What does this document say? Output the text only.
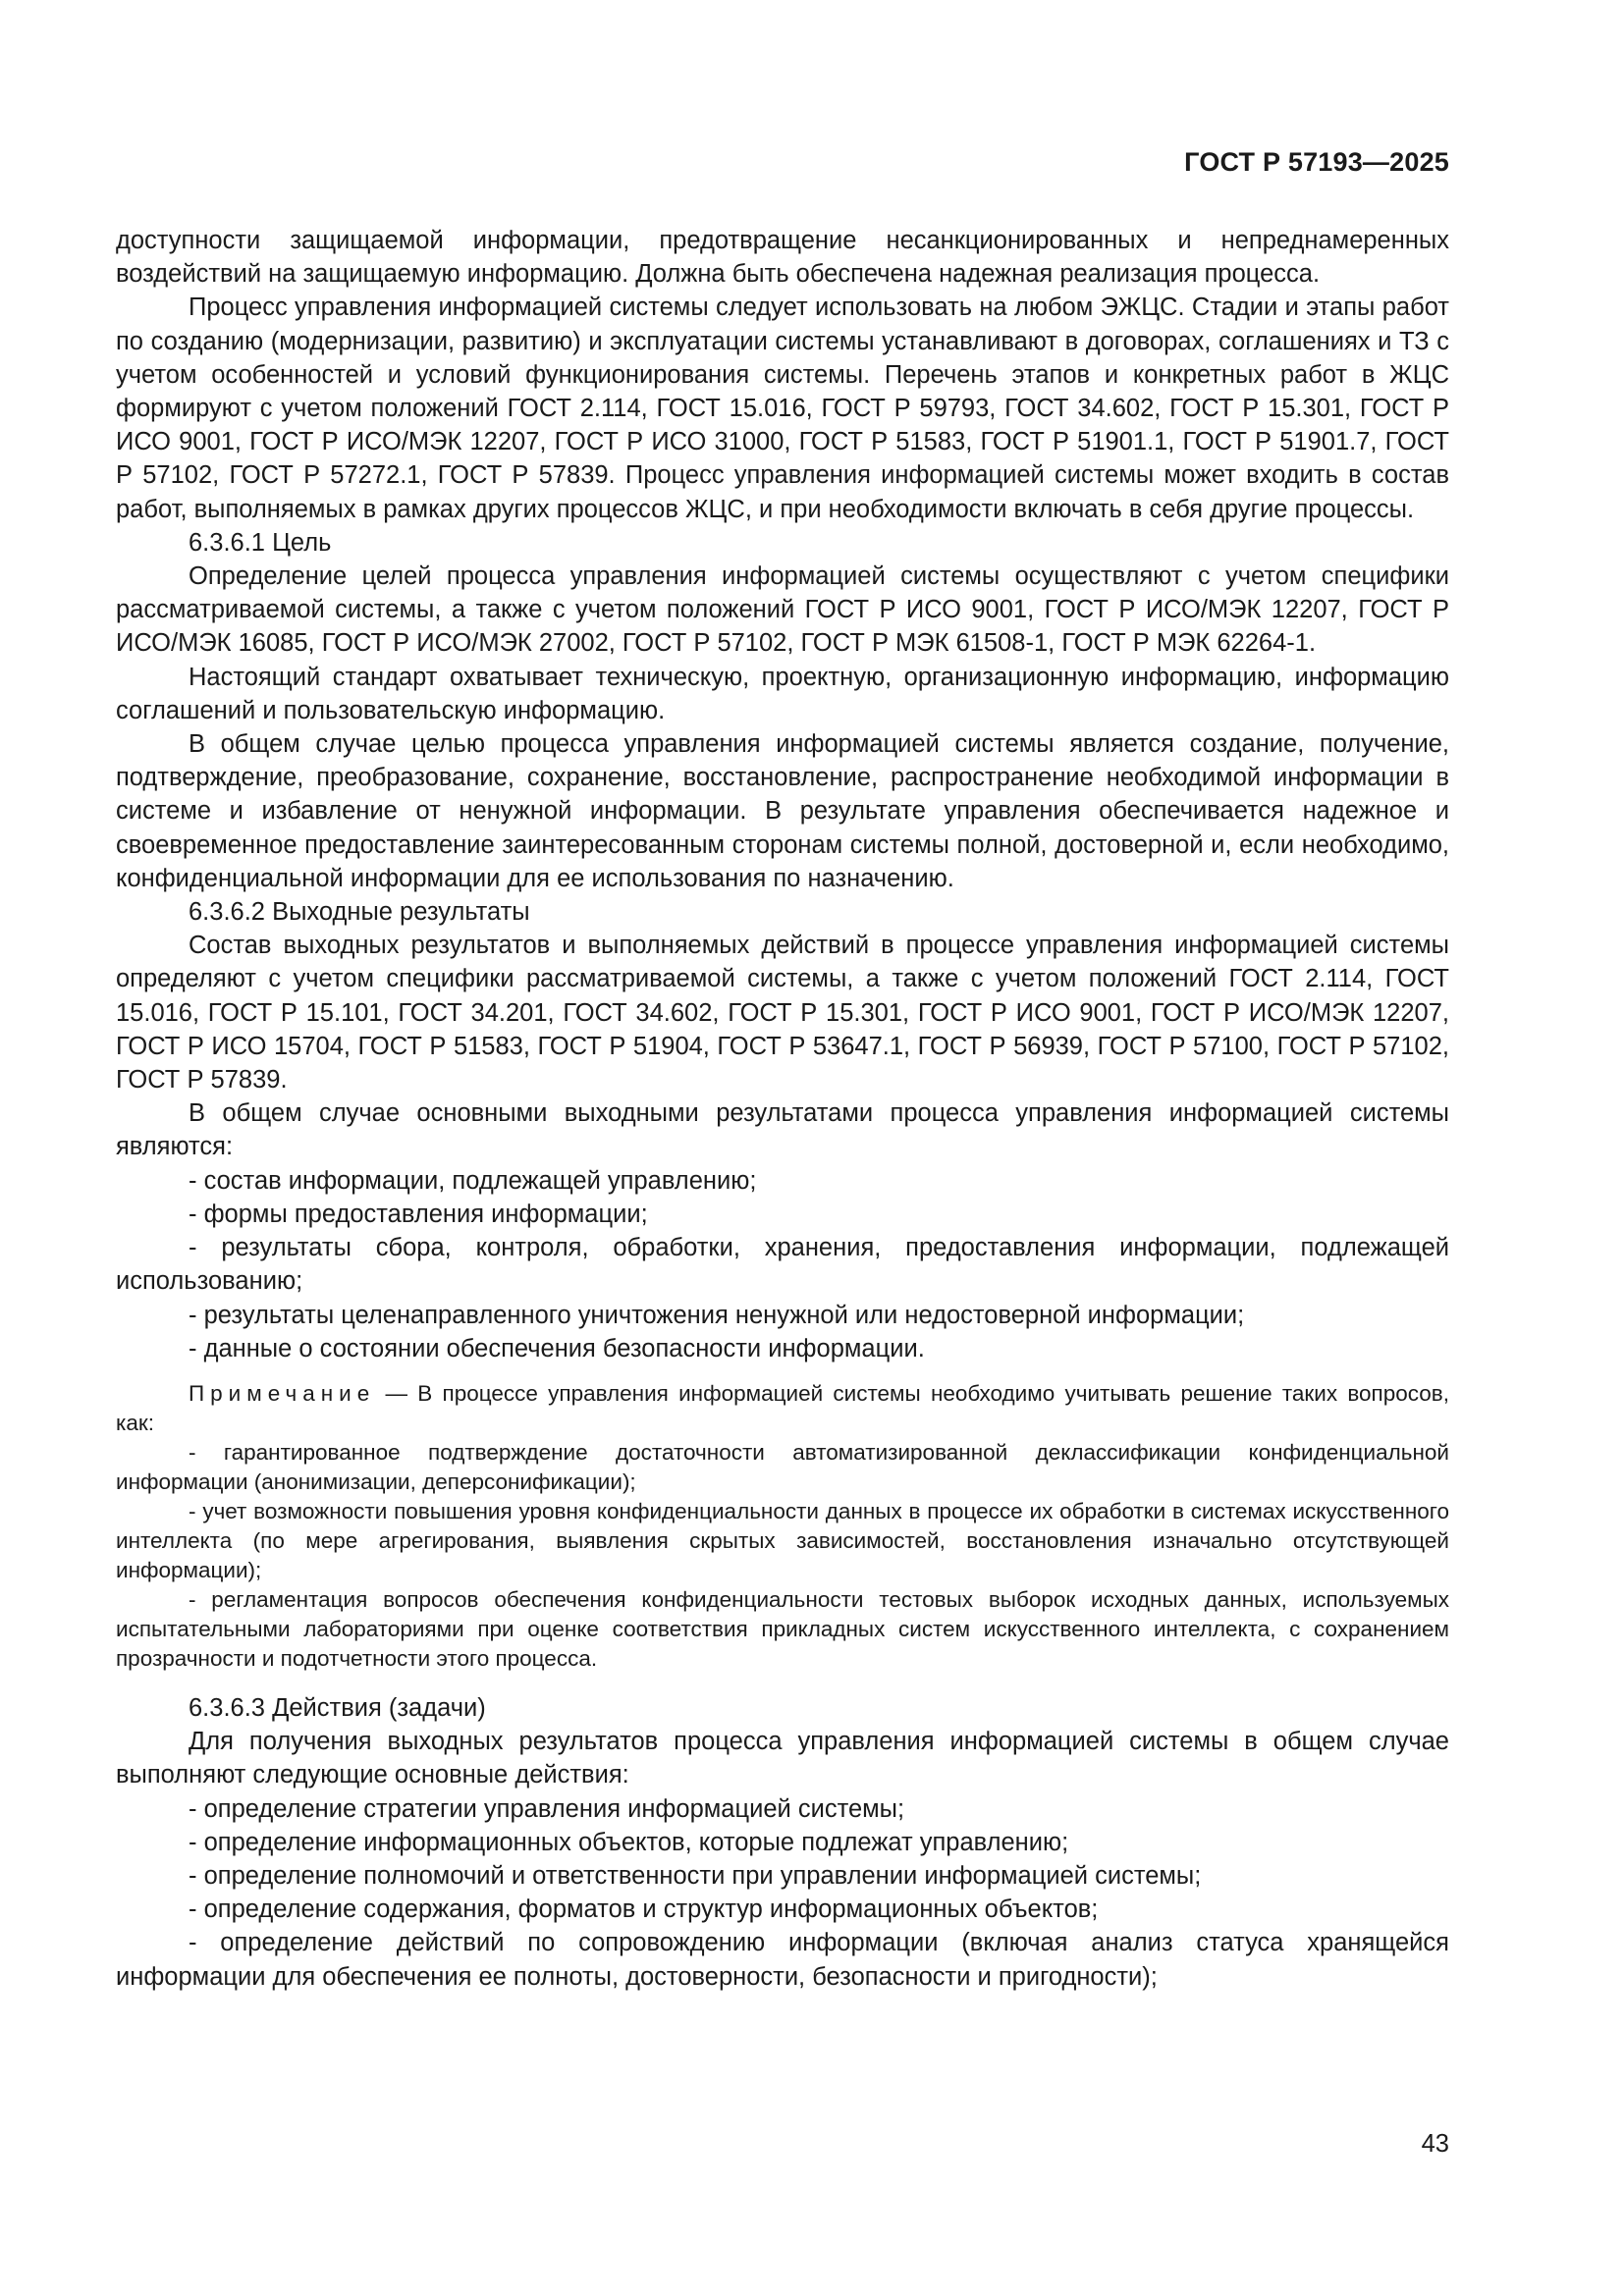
ГОСТ Р 57193—2025

доступности защищаемой информации, предотвращение несанкционированных и непреднамеренных воздействий на защищаемую информацию. Должна быть обеспечена надежная реализация процесса.

Процесс управления информацией системы следует использовать на любом ЭЖЦС. Стадии и этапы работ по созданию (модернизации, развитию) и эксплуатации системы устанавливают в договорах, соглашениях и ТЗ с учетом особенностей и условий функционирования системы. Перечень этапов и конкретных работ в ЖЦС формируют с учетом положений ГОСТ 2.114, ГОСТ 15.016, ГОСТ Р 59793, ГОСТ 34.602, ГОСТ Р 15.301, ГОСТ Р ИСО 9001, ГОСТ Р ИСО/МЭК 12207, ГОСТ Р ИСО 31000, ГОСТ Р 51583, ГОСТ Р 51901.1, ГОСТ Р 51901.7, ГОСТ Р 57102, ГОСТ Р 57272.1, ГОСТ Р 57839. Процесс управления информацией системы может входить в состав работ, выполняемых в рамках других процессов ЖЦС, и при необходимости включать в себя другие процессы.

6.3.6.1 Цель

Определение целей процесса управления информацией системы осуществляют с учетом специфики рассматриваемой системы, а также с учетом положений ГОСТ Р ИСО 9001, ГОСТ Р ИСО/МЭК 12207, ГОСТ Р ИСО/МЭК 16085, ГОСТ Р ИСО/МЭК 27002, ГОСТ Р 57102, ГОСТ Р МЭК 61508-1, ГОСТ Р МЭК 62264-1.

Настоящий стандарт охватывает техническую, проектную, организационную информацию, информацию соглашений и пользовательскую информацию.

В общем случае целью процесса управления информацией системы является создание, получение, подтверждение, преобразование, сохранение, восстановление, распространение необходимой информации в системе и избавление от ненужной информации. В результате управления обеспечивается надежное и своевременное предоставление заинтересованным сторонам системы полной, достоверной и, если необходимо, конфиденциальной информации для ее использования по назначению.

6.3.6.2 Выходные результаты

Состав выходных результатов и выполняемых действий в процессе управления информацией системы определяют с учетом специфики рассматриваемой системы, а также с учетом положений ГОСТ 2.114, ГОСТ 15.016, ГОСТ Р 15.101, ГОСТ 34.201, ГОСТ 34.602, ГОСТ Р 15.301, ГОСТ Р ИСО 9001, ГОСТ Р ИСО/МЭК 12207, ГОСТ Р ИСО 15704, ГОСТ Р 51583, ГОСТ Р 51904, ГОСТ Р 53647.1, ГОСТ Р 56939, ГОСТ Р 57100, ГОСТ Р 57102, ГОСТ Р 57839.

В общем случае основными выходными результатами процесса управления информацией системы являются:

- состав информации, подлежащей управлению;

- формы предоставления информации;

- результаты сбора, контроля, обработки, хранения, предоставления информации, подлежащей использованию;

- результаты целенаправленного уничтожения ненужной или недостоверной информации;

- данные о состоянии обеспечения безопасности информации.

Примечание — В процессе управления информацией системы необходимо учитывать решение таких вопросов, как:

- гарантированное подтверждение достаточности автоматизированной деклассификации конфиденциальной информации (анонимизации, деперсонификации);

- учет возможности повышения уровня конфиденциальности данных в процессе их обработки в системах искусственного интеллекта (по мере агрегирования, выявления скрытых зависимостей, восстановления изначально отсутствующей информации);

- регламентация вопросов обеспечения конфиденциальности тестовых выборок исходных данных, используемых испытательными лабораториями при оценке соответствия прикладных систем искусственного интеллекта, с сохранением прозрачности и подотчетности этого процесса.

6.3.6.3 Действия (задачи)

Для получения выходных результатов процесса управления информацией системы в общем случае выполняют следующие основные действия:

- определение стратегии управления информацией системы;

- определение информационных объектов, которые подлежат управлению;

- определение полномочий и ответственности при управлении информацией системы;

- определение содержания, форматов и структур информационных объектов;

- определение действий по сопровождению информации (включая анализ статуса хранящейся информации для обеспечения ее полноты, достоверности, безопасности и пригодности);

43
